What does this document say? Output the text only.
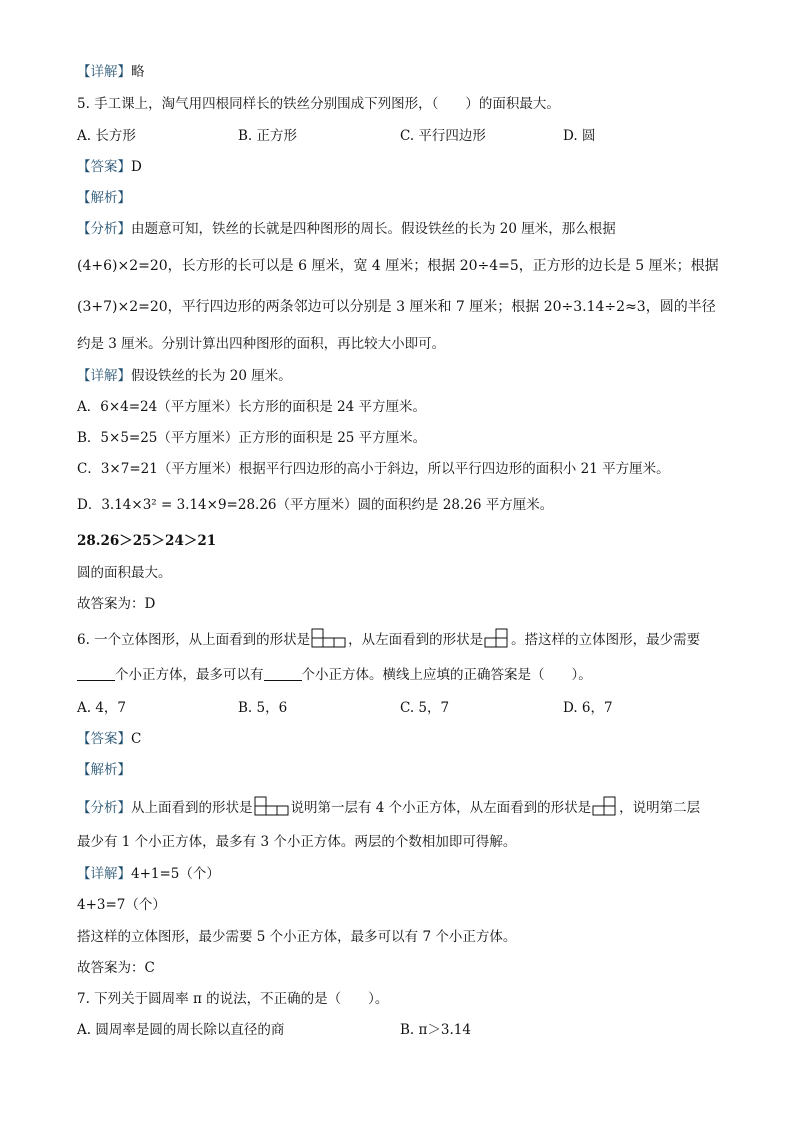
【详解】略
5. 手工课上，淘气用四根同样长的铁丝分别围成下列图形，（　　）的面积最大。
A. 长方形	B. 正方形	C. 平行四边形	D. 圆
【答案】D
【解析】
【分析】由题意可知，铁丝的长就是四种图形的周长。假设铁丝的长为 20 厘米，那么根据
(4+6)×2=20，长方形的长可以是 6 厘米，宽 4 厘米；根据 20÷4=5，正方形的边长是 5 厘米；根据
(3+7)×2=20，平行四边形的两条邻边可以分别是 3 厘米和 7 厘米；根据 20÷3.14÷2≈3，圆的半径
约是 3 厘米。分别计算出四种图形的面积，再比较大小即可。
【详解】假设铁丝的长为 20 厘米。
A．6×4=24（平方厘米）长方形的面积是 24 平方厘米。
B．5×5=25（平方厘米）正方形的面积是 25 平方厘米。
C．3×7=21（平方厘米）根据平行四边形的高小于斜边，所以平行四边形的面积小 21 平方厘米。
D．3.14×3² = 3.14×9=28.26（平方厘米）圆的面积约是 28.26 平方厘米。
28.26＞25＞24＞21
圆的面积最大。
故答案为：D
6. 一个立体图形，从上面看到的形状是	，从左面看到的形状是 。搭这样的立体图形，最少需要
个小正方体，最多可以有	个小正方体。横线上应填的正确答案是（　　）。
A. 4，7	B. 5，6	C. 5，7	D. 6，7
【答案】C
【解析】
【分析】从上面看到的形状是	说明第一层有 4 个小正方体，从左面看到的形状是 ，说明第二层
最少有 1 个小正方体，最多有 3 个小正方体。两层的个数相加即可得解。
【详解】4+1=5（个）
4+3=7（个）
搭这样的立体图形，最少需要 5 个小正方体，最多可以有 7 个小正方体。
故答案为：C
7. 下列关于圆周率 π 的说法，不正确的是（　　）。
A. 圆周率是圆的周长除以直径的商	B. π＞3.14
